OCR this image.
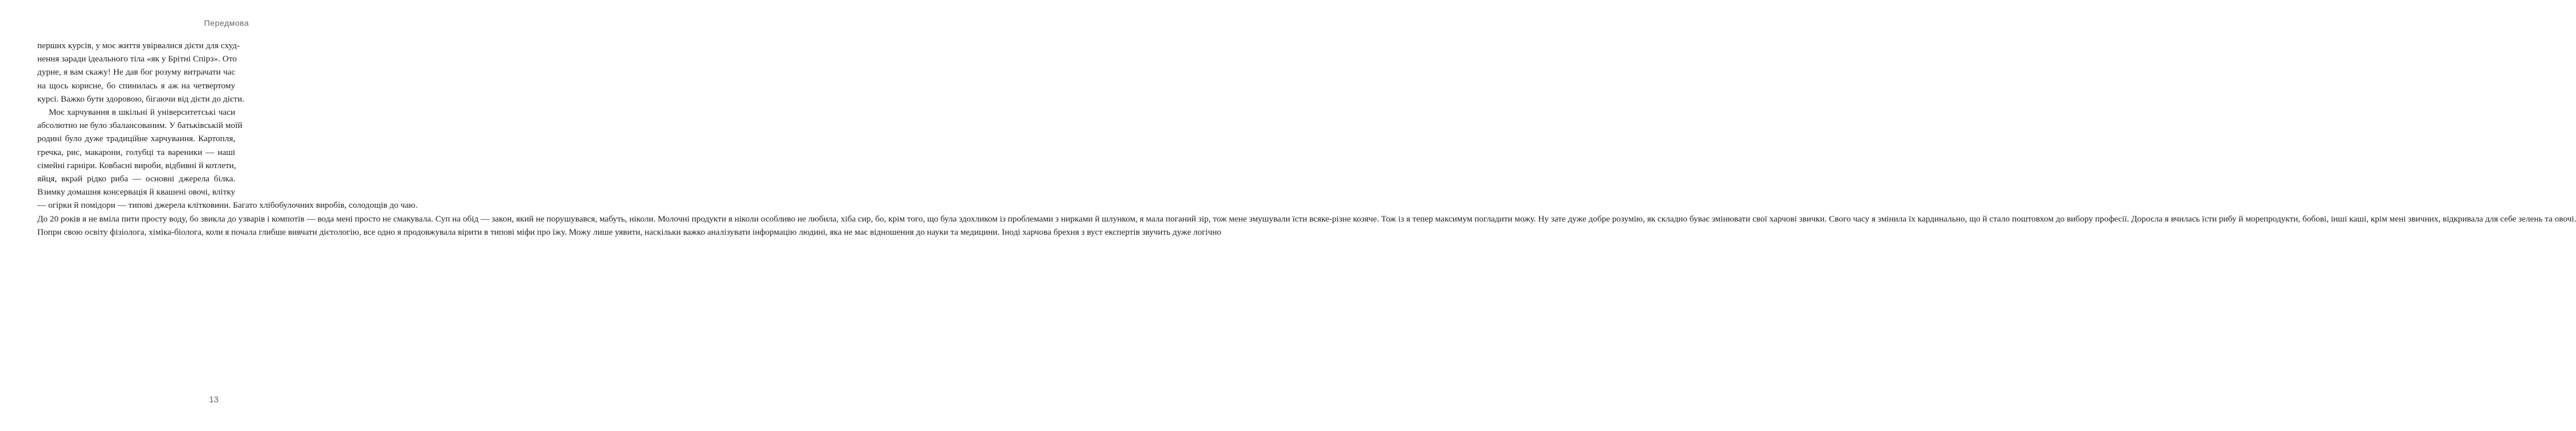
Передмова

перших курсів, у моє життя увірвалися дієти для схуд-
нення заради ідеального тіла «як у Брітні Спірз». Ото
дурне, я вам скажу! Не дав бог розуму витрачати час
на щось корисне, бо спинилась я аж на четвертому
курсі. Важко бути здоровою, бігаючи від дієти до дієти.

Моє харчування в шкільні й університетські часи
абсолютно не було збалансованим. У батьківській моїй
родині було дуже традиційне харчування. Картопля,
гречка, рис, макарони, голубці та вареники — наші
сімейні гарніри. Ковбасні вироби, відбивні й котлети,
яйця, вкрай рідко риба — основні джерела білка.
Взимку домашня консервація й квашені овочі, влітку
— огірки й помідори — типові джерела клітковини. Багато хлібобулочних виробів, солодощів до чаю.

До 20 років я не вміла пити просту воду, бо звикла до узварів і компотів — вода мені просто не смакувала. Суп на обід — закон, який не порушувався, мабуть, ніколи. Молочні продукти я ніколи особливо не любила, хіба сир, бо, крім того, що була здохликом із проблемами з нирками й шлунком, я мала поганий зір, тож мене змушували їсти всяке-різне козяче. Тож із я тепер максимум погладити можу. Ну зате дуже добре розумію, як складно буває змінювати свої харчові звички. Свого часу я змінила їх кардинально, що й стало поштовхом до вибору професії. Доросла я вчилась їсти рибу й морепродукти, бобові, інші каші, крім мені звичних, відкривала для себе зелень та овочі.

Попри свою освіту фізіолога, хіміка-біолога, коли я почала глибше вивчати дієтологію, все одно я продовжувала вірити в типові міфи про їжу. Можу лише уявити, наскільки важко аналізувати інформацію людині, яка не має відношення до науки та медицини. Іноді харчова брехня з вуст експертів звучить дуже логічно

13
